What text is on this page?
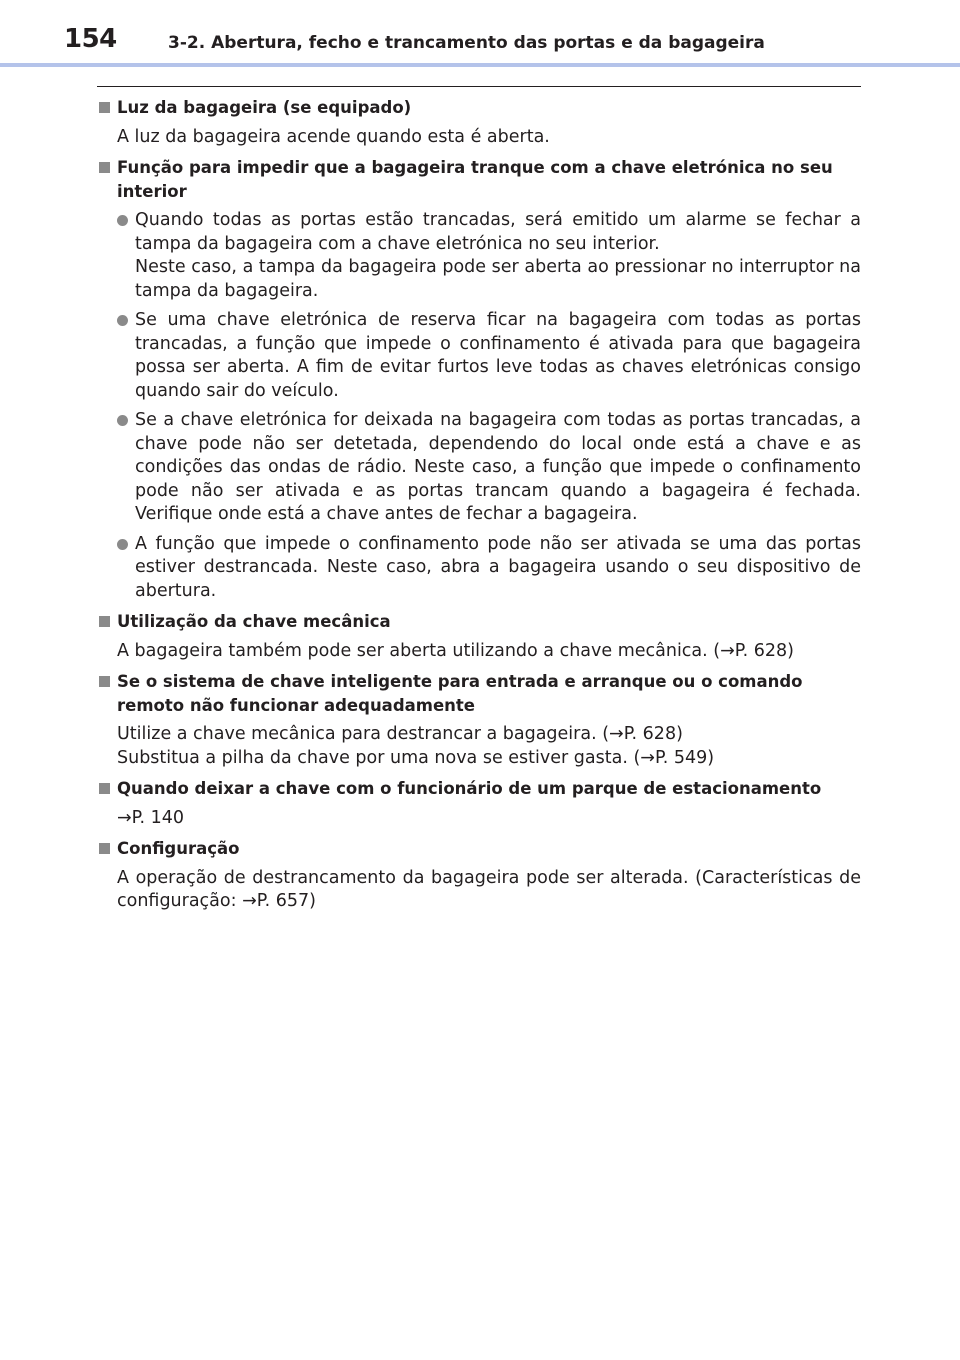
154	3-2. Abertura, fecho e trancamento das portas e da bagageira
Luz da bagageira (se equipado)
A luz da bagageira acende quando esta é aberta.
Função para impedir que a bagageira tranque com a chave eletrónica no seu interior
Quando todas as portas estão trancadas, será emitido um alarme se fechar a tampa da bagageira com a chave eletrónica no seu interior.
Neste caso, a tampa da bagageira pode ser aberta ao pressionar no interruptor na tampa da bagageira.
Se uma chave eletrónica de reserva ficar na bagageira com todas as portas trancadas, a função que impede o confinamento é ativada para que bagageira possa ser aberta. A fim de evitar furtos leve todas as chaves eletrónicas consigo quando sair do veículo.
Se a chave eletrónica for deixada na bagageira com todas as portas trancadas, a chave pode não ser detetada, dependendo do local onde está a chave e as condições das ondas de rádio. Neste caso, a função que impede o confinamento pode não ser ativada e as portas trancam quando a bagageira é fechada. Verifique onde está a chave antes de fechar a bagageira.
A função que impede o confinamento pode não ser ativada se uma das portas estiver destrancada. Neste caso, abra a bagageira usando o seu dispositivo de abertura.
Utilização da chave mecânica
A bagageira também pode ser aberta utilizando a chave mecânica. (→P. 628)
Se o sistema de chave inteligente para entrada e arranque ou o comando remoto não funcionar adequadamente
Utilize a chave mecânica para destrancar a bagageira. (→P. 628)
Substitua a pilha da chave por uma nova se estiver gasta. (→P. 549)
Quando deixar a chave com o funcionário de um parque de estacionamento
→P. 140
Configuração
A operação de destrancamento da bagageira pode ser alterada. (Características de configuração: →P. 657)
